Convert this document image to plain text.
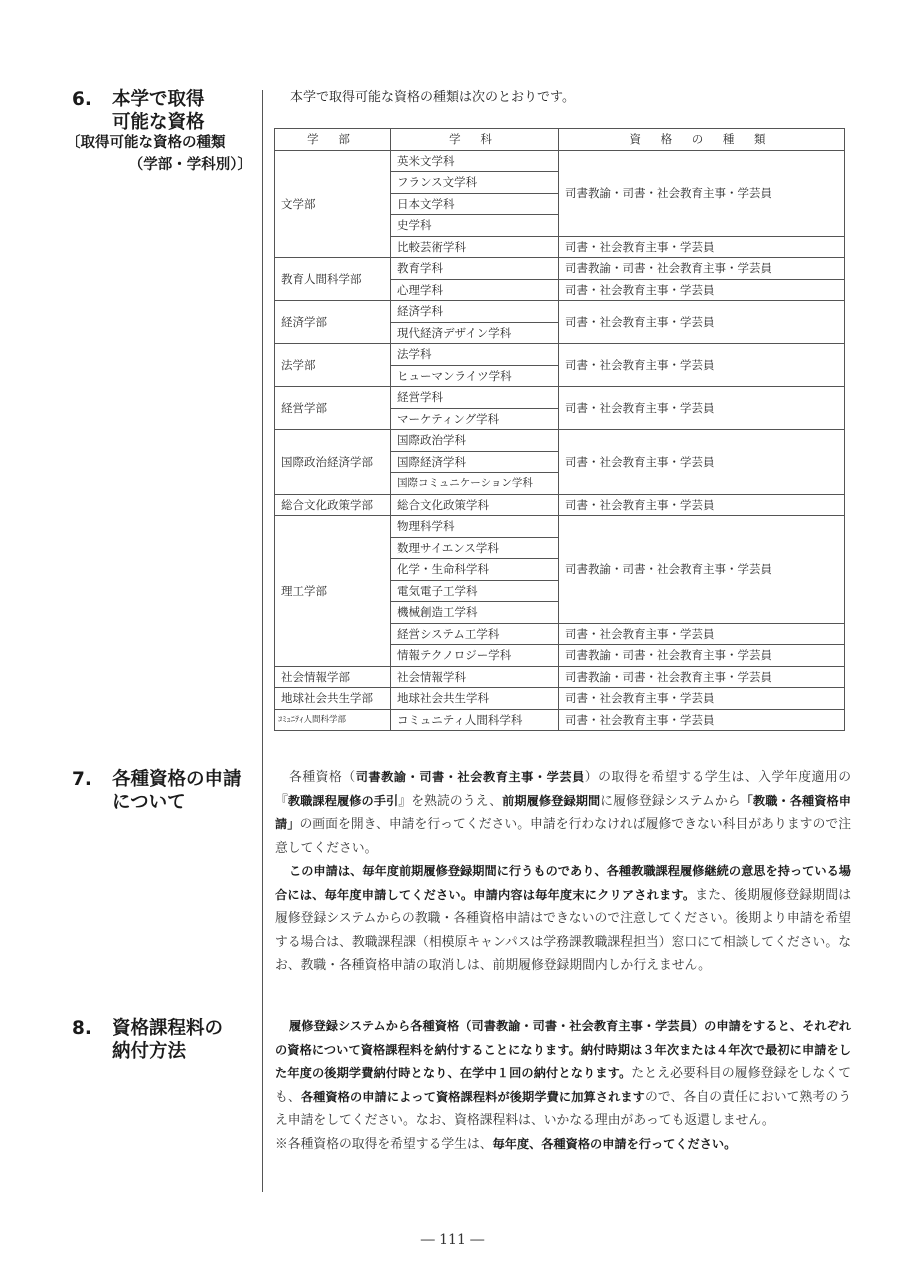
6. 本学で取得
可能な資格
〔取得可能な資格の種類
（学部・学科別）〕
本学で取得可能な資格の種類は次のとおりです。
学 部	学 科	資 格 の 種 類
文学部	英米文学科	司書教諭・司書・社会教育主事・学芸員
	フランス文学科	
	日本文学科	
	史学科	
	比較芸術学科	司書・社会教育主事・学芸員
教育人間科学部	教育学科	司書教諭・司書・社会教育主事・学芸員
	心理学科	司書・社会教育主事・学芸員
経済学部	経済学科	司書・社会教育主事・学芸員
	現代経済デザイン学科	
法学部	法学科	司書・社会教育主事・学芸員
	ヒューマンライツ学科	
経営学部	経営学科	司書・社会教育主事・学芸員
	マーケティング学科	
国際政治経済学部	国際政治学科	司書・社会教育主事・学芸員
	国際経済学科	
	国際コミュニケーション学科	
総合文化政策学部	総合文化政策学科	司書・社会教育主事・学芸員
理工学部	物理科学科	司書教諭・司書・社会教育主事・学芸員
	数理サイエンス学科	
	化学・生命科学科	
	電気電子工学科	
	機械創造工学科	
	経営システム工学科	司書・社会教育主事・学芸員
	情報テクノロジー学科	司書教諭・司書・社会教育主事・学芸員
社会情報学部	社会情報学科	司書教諭・司書・社会教育主事・学芸員
地球社会共生学部	地球社会共生学科	司書・社会教育主事・学芸員
ｺﾐｭﾆﾃｨ人間科学部	コミュニティ人間科学科	司書・社会教育主事・学芸員
7. 各種資格の申請
について

各種資格（司書教諭・司書・社会教育主事・学芸員）の取得を希望する学生は、入学年度適用の『教職課程履修の手引』を熟読のうえ、前期履修登録期間に履修登録システムから「教職・各種資格申請」の画面を開き、申請を行ってください。申請を行わなければ履修できない科目がありますので注意してください。

この申請は、毎年度前期履修登録期間に行うものであり、各種教職課程履修継続の意思を持っている場合には、毎年度申請してください。申請内容は毎年度末にクリアされます。また、後期履修登録期間は履修登録システムからの教職・各種資格申請はできないので注意してください。後期より申請を希望する場合は、教職課程課（相模原キャンパスは学務課教職課程担当）窓口にて相談してください。なお、教職・各種資格申請の取消しは、前期履修登録期間内しか行えません。

8. 資格課程料の
納付方法

履修登録システムから各種資格（司書教諭・司書・社会教育主事・学芸員）の申請をすると、それぞれの資格について資格課程料を納付することになります。納付時期は３年次または４年次で最初に申請をした年度の後期学費納付時となり、在学中１回の納付となります。たとえ必要科目の履修登録をしなくても、各種資格の申請によって資格課程料が後期学費に加算されますので、各自の責任において熟考のうえ申請をしてください。なお、資格課程料は、いかなる理由があっても返還しません。

※各種資格の取得を希望する学生は、毎年度、各種資格の申請を行ってください。

― 111 ―
